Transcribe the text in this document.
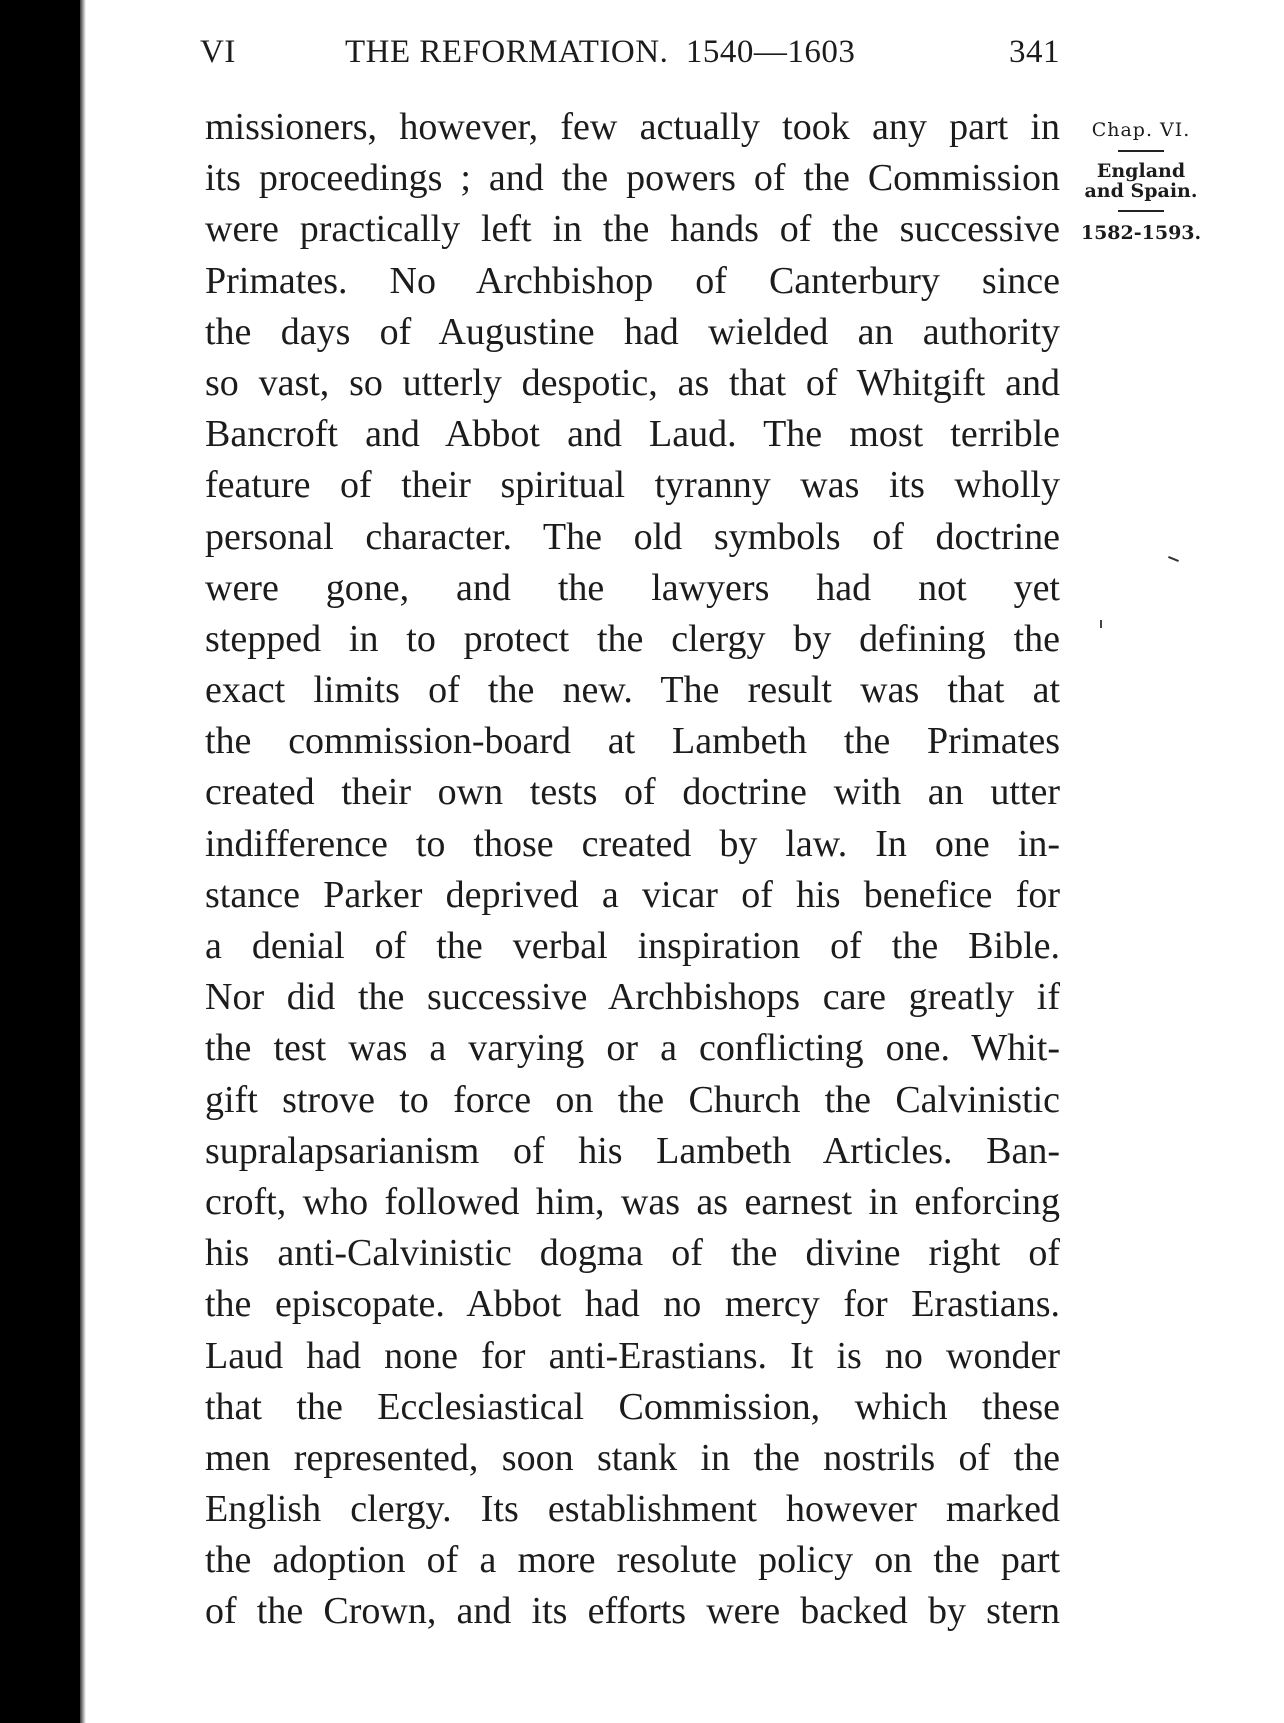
VI	THE REFORMATION.  1540—1603	341
missioners, however, few actually took any part in
its proceedings ; and the powers of the Commission
were practically left in the hands of the successive
Primates. No Archbishop of Canterbury since
the days of Augustine had wielded an authority
so vast, so utterly despotic, as that of Whitgift and
Bancroft and Abbot and Laud. The most terrible
feature of their spiritual tyranny was its wholly
personal character. The old symbols of doctrine
were gone, and the lawyers had not yet
stepped in to protect the clergy by defining the
exact limits of the new. The result was that at
the commission-board at Lambeth the Primates
created their own tests of doctrine with an utter
indifference to those created by law. In one in-
stance Parker deprived a vicar of his benefice for
a denial of the verbal inspiration of the Bible.
Nor did the successive Archbishops care greatly if
the test was a varying or a conflicting one. Whit-
gift strove to force on the Church the Calvinistic
supralapsarianism of his Lambeth Articles. Ban-
croft, who followed him, was as earnest in enforcing
his anti-Calvinistic dogma of the divine right of
the episcopate. Abbot had no mercy for Erastians.
Laud had none for anti-Erastians. It is no wonder
that the Ecclesiastical Commission, which these
men represented, soon stank in the nostrils of the
English clergy. Its establishment however marked
the adoption of a more resolute policy on the part
of the Crown, and its efforts were backed by stern
Chap. VI.
England
and Spain.
1582-1593.
